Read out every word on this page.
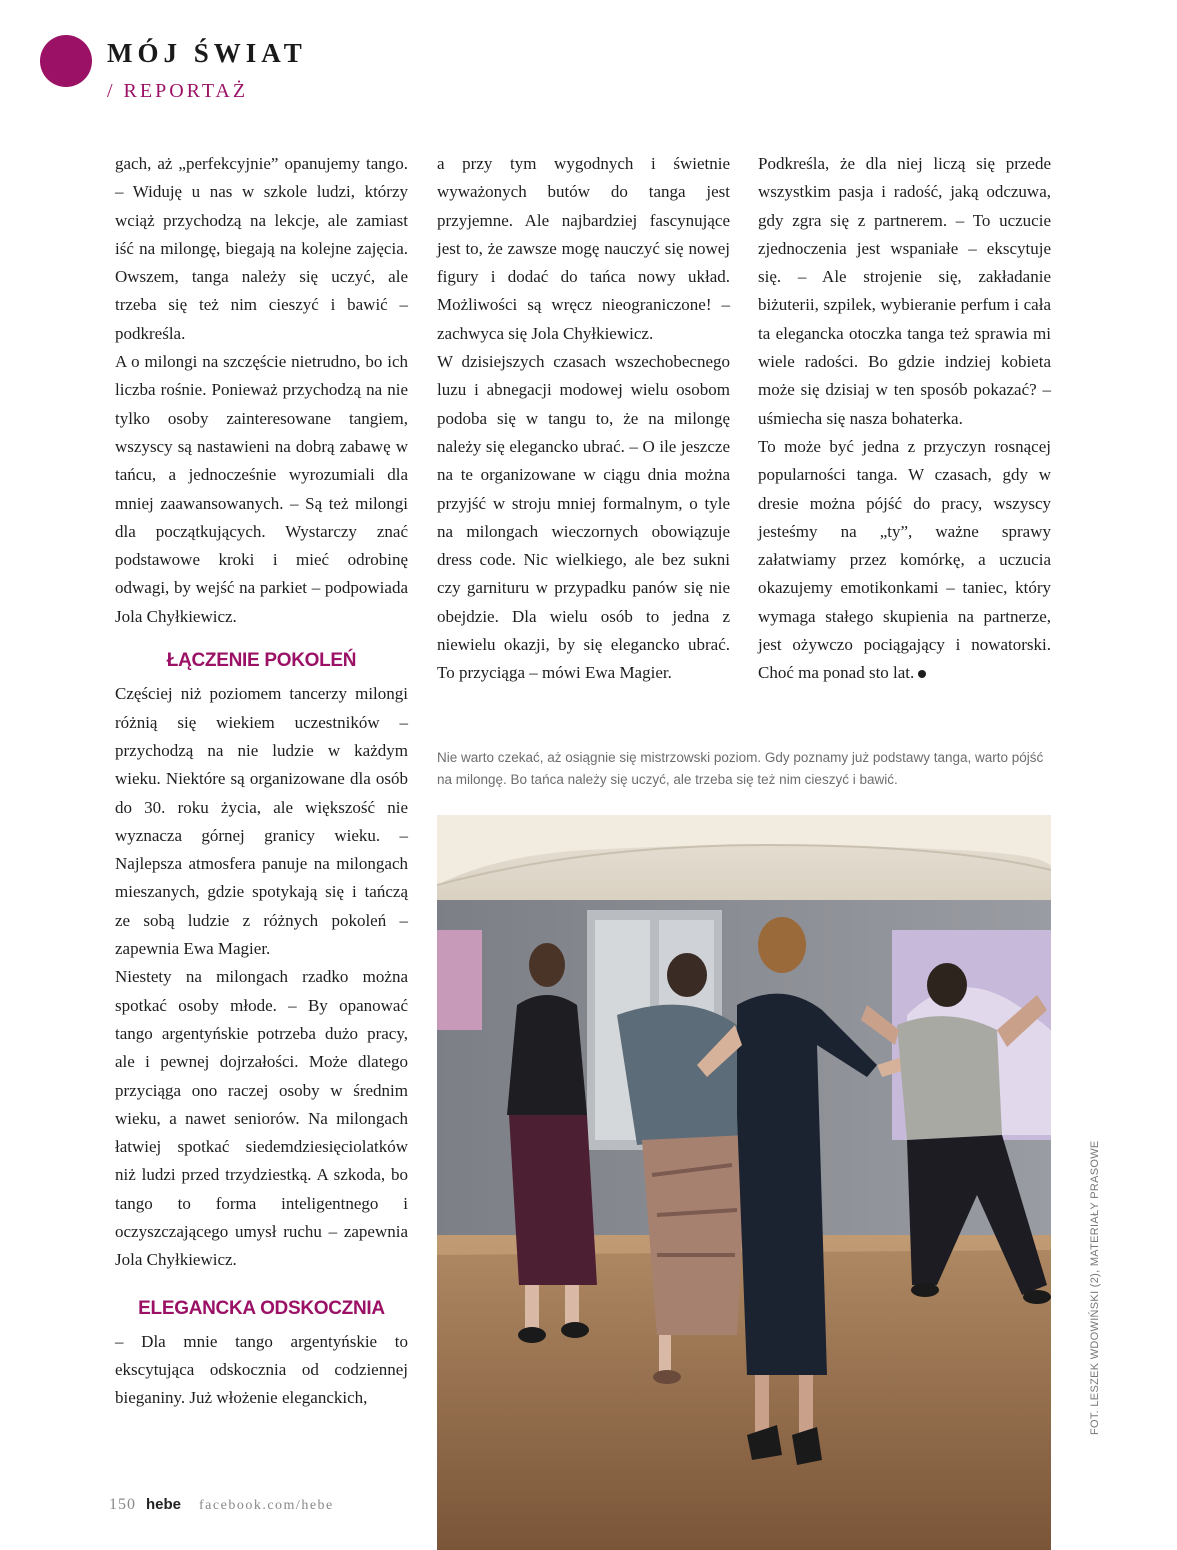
MÓJ ŚWIAT
/ REPORTAŻ

gach, aż „perfekcyjnie” opanujemy tango. – Widuję u nas w szkole ludzi, którzy wciąż przychodzą na lekcje, ale zamiast iść na milongę, biegają na kolejne zajęcia. Owszem, tanga należy się uczyć, ale trzeba się też nim cieszyć i bawić – podkreśla.

A o milongi na szczęście nietrudno, bo ich liczba rośnie. Ponieważ przychodzą na nie tylko osoby zainteresowane tangiem, wszyscy są nastawieni na dobrą zabawę w tańcu, a jednocześnie wyrozumiali dla mniej zaawansowanych. – Są też milongi dla początkujących. Wystarczy znać podstawowe kroki i mieć odrobinę odwagi, by wejść na parkiet – podpowiada Jola Chyłkiewicz.

ŁĄCZENIE POKOLEŃ

Częściej niż poziomem tancerzy milongi różnią się wiekiem uczestników – przychodzą na nie ludzie w każdym wieku. Niektóre są organizowane dla osób do 30. roku życia, ale większość nie wyznacza górnej granicy wieku. – Najlepsza atmosfera panuje na milongach mieszanych, gdzie spotykają się i tańczą ze sobą ludzie z różnych pokoleń – zapewnia Ewa Magier.

Niestety na milongach rzadko można spotkać osoby młode. – By opanować tango argentyńskie potrzeba dużo pracy, ale i pewnej dojrzałości. Może dlatego przyciąga ono raczej osoby w średnim wieku, a nawet seniorów. Na milongach łatwiej spotkać siedemdziesięciolatków niż ludzi przed trzydziestką. A szkoda, bo tango to forma inteligentnego i oczyszczającego umysł ruchu – zapewnia Jola Chyłkiewicz.

ELEGANCKA ODSKOCZNIA

– Dla mnie tango argentyńskie to ekscytująca odskocznia od codziennej bieganiny. Już włożenie eleganckich,

a przy tym wygodnych i świetnie wyważonych butów do tanga jest przyjemne. Ale najbardziej fascynujące jest to, że zawsze mogę nauczyć się nowej figury i dodać do tańca nowy układ. Możliwości są wręcz nieograniczone! – zachwyca się Jola Chyłkiewicz.

W dzisiejszych czasach wszechobecnego luzu i abnegacji modowej wielu osobom podoba się w tangu to, że na milongę należy się elegancko ubrać. – O ile jeszcze na te organizowane w ciągu dnia można przyjść w stroju mniej formalnym, o tyle na milongach wieczornych obowiązuje dress code. Nic wielkiego, ale bez sukni czy garnituru w przypadku panów się nie obejdzie. Dla wielu osób to jedna z niewielu okazji, by się elegancko ubrać. To przyciąga – mówi Ewa Magier.

Podkreśla, że dla niej liczą się przede wszystkim pasja i radość, jaką odczuwa, gdy zgra się z partnerem. – To uczucie zjednoczenia jest wspaniałe – ekscytuje się. – Ale strojenie się, zakładanie biżuterii, szpilek, wybieranie perfum i cała ta elegancka otoczka tanga też sprawia mi wiele radości. Bo gdzie indziej kobieta może się dzisiaj w ten sposób pokazać? – uśmiecha się nasza bohaterka.

To może być jedna z przyczyn rosnącej popularności tanga. W czasach, gdy w dresie można pójść do pracy, wszyscy jesteśmy na „ty”, ważne sprawy załatwiamy przez komórkę, a uczucia okazujemy emotikonkami – taniec, który wymaga stałego skupienia na partnerze, jest ożywczo pociągający i nowatorski. Choć ma ponad sto lat.

Nie warto czekać, aż osiągnie się mistrzowski poziom. Gdy poznamy już podstawy tanga, warto pójść na milongę. Bo tańca należy się uczyć, ale trzeba się też nim cieszyć i bawić.
FOT. LESZEK WDOWIŃSKI (2), MATERIAŁY PRASOWE
150 hebe facebook.com/hebe
